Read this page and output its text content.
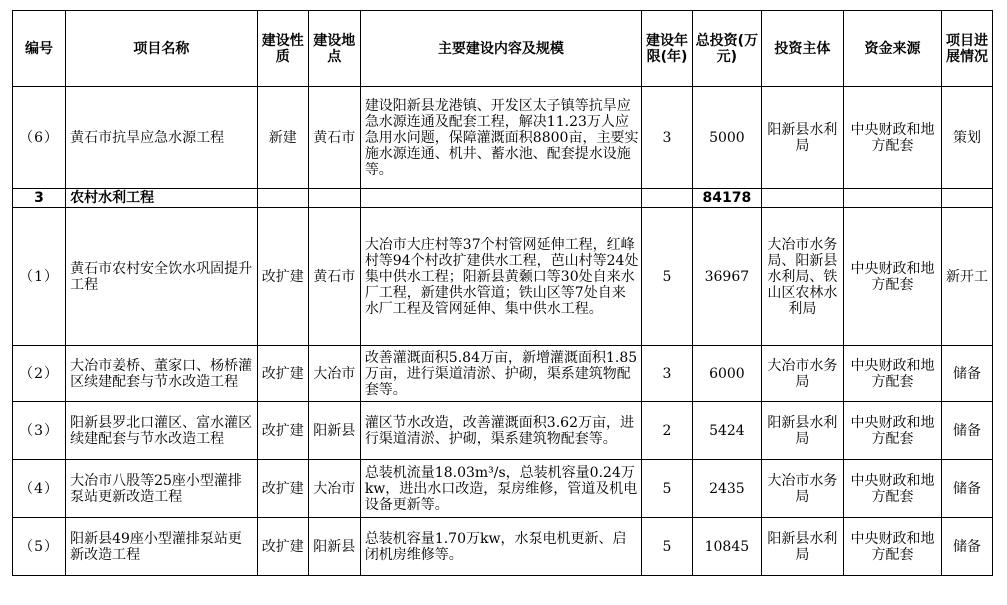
编号	项目名称	建设性质	建设地点	主要建设内容及规模	建设年限(年)	总投资(万元)	投资主体	资金来源	项目进展情况
（6）	黄石市抗旱应急水源工程	新建	黄石市	建设阳新县龙港镇、开发区太子镇等抗旱应急水源连通及配套工程，解决11.23万人应急用水问题，保障灌溉面积8800亩，主要实施水源连通、机井、蓄水池、配套提水设施等。	3	5000	阳新县水利局	中央财政和地方配套	策划
3	农村水利工程					84178			
（1）	黄石市农村安全饮水巩固提升工程	改扩建	黄石市	大冶市大庄村等37个村管网延伸工程，红峰村等94个村改扩建供水工程，芭山村等24处集中供水工程；阳新县黄颡口等30处自来水厂工程，新建供水管道；铁山区等7处自来水厂工程及管网延伸、集中供水工程。	5	36967	大冶市水务局、阳新县水利局、铁山区农林水利局	中央财政和地方配套	新开工
（2）	大冶市姜桥、董家口、杨桥灌区续建配套与节水改造工程	改扩建	大冶市	改善灌溉面积5.84万亩，新增灌溉面积1.85万亩，进行渠道清淤、护砌，渠系建筑物配套等。	3	6000	大冶市水务局	中央财政和地方配套	储备
（3）	阳新县罗北口灌区、富水灌区续建配套与节水改造工程	改扩建	阳新县	灌区节水改造，改善灌溉面积3.62万亩，进行渠道清淤、护砌，渠系建筑物配套等。	2	5424	阳新县水利局	中央财政和地方配套	储备
（4）	大冶市八股等25座小型灌排泵站更新改造工程	改扩建	大冶市	总装机流量18.03m³/s，总装机容量0.24万kw，进出水口改造，泵房维修，管道及机电设备更新等。	5	2435	大冶市水务局	中央财政和地方配套	储备
（5）	阳新县49座小型灌排泵站更新改造工程	改扩建	阳新县	总装机容量1.70万kw，水泵电机更新、启闭机房维修等。	5	10845	阳新县水利局	中央财政和地方配套	储备
